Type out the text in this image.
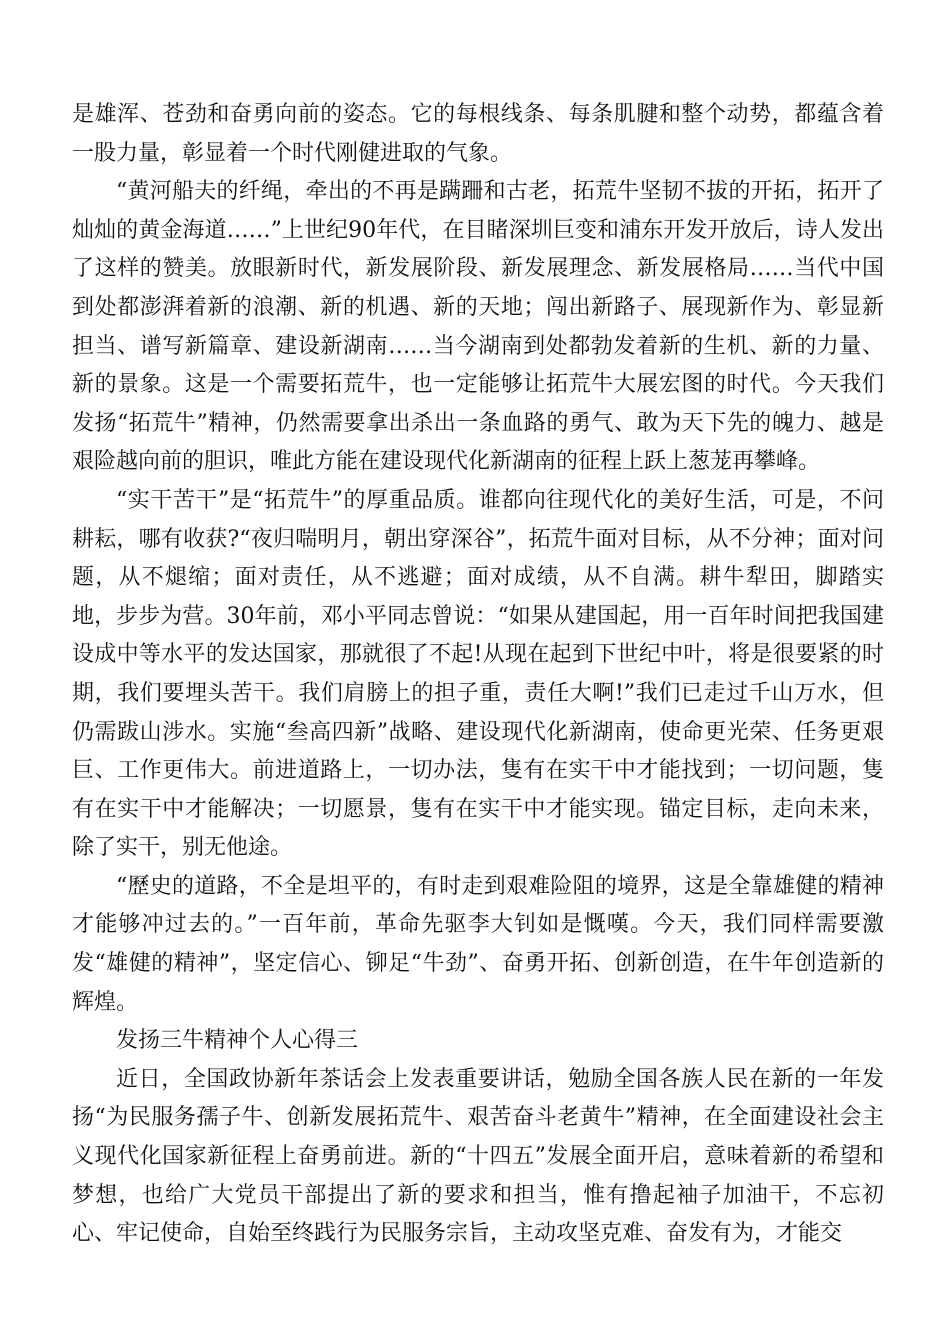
是雄浑、苍劲和奋勇向前的姿态。它的每根线条、每条肌腱和整个动势，都蕴含着一股力量，彰显着一个时代刚健进取的气象。

“黄河船夫的纤绳，牵出的不再是蹒跚和古老，拓荒牛坚韧不拔的开拓，拓开了灿灿的黄金海道……”上世纪90年代，在目睹深圳巨变和浦东开发开放后，诗人发出了这样的赞美。放眼新时代，新发展阶段、新发展理念、新发展格局……当代中国到处都澎湃着新的浪潮、新的机遇、新的天地；闯出新路子、展现新作为、彰显新担当、谱写新篇章、建设新湖南……当今湖南到处都勃发着新的生机、新的力量、新的景象。这是一个需要拓荒牛，也一定能够让拓荒牛大展宏图的时代。今天我们发扬“拓荒牛”精神，仍然需要拿出杀出一条血路的勇气、敢为天下先的魄力、越是艰险越向前的胆识，唯此方能在建设现代化新湖南的征程上跃上葱茏再攀峰。

“实干苦干”是“拓荒牛”的厚重品质。谁都向往现代化的美好生活，可是，不问耕耘，哪有收获?“夜归喘明月，朝出穿深谷”，拓荒牛面对目标，从不分神；面对问题，从不煺缩；面对责任，从不逃避；面对成绩，从不自满。耕牛犁田，脚踏实地，步步为营。30年前，邓小平同志曾说：“如果从建国起，用一百年时间把我国建设成中等水平的发达国家，那就很了不起!从现在起到下世纪中叶，将是很要紧的时期，我们要埋头苦干。我们肩膀上的担子重，责任大啊!”我们已走过千山万水，但仍需跋山涉水。实施“叁高四新”战略、建设现代化新湖南，使命更光荣、任务更艰巨、工作更伟大。前进道路上，一切办法，隻有在实干中才能找到；一切问题，隻有在实干中才能解决；一切愿景，隻有在实干中才能实现。锚定目标，走向未来，除了实干，别无他途。

“歷史的道路，不全是坦平的，有时走到艰难险阻的境界，这是全靠雄健的精神才能够冲过去的。”一百年前，革命先驱李大钊如是慨嘆。今天，我们同样需要激发“雄健的精神”，坚定信心、铆足“牛劲”、奋勇开拓、创新创造，在牛年创造新的辉煌。

发扬三牛精神个人心得三

近日，全国政协新年茶话会上发表重要讲话，勉励全国各族人民在新的一年发扬“为民服务孺子牛、创新发展拓荒牛、艰苦奋斗老黄牛”精神，在全面建设社会主义现代化国家新征程上奋勇前进。新的“十四五”发展全面开启，意味着新的希望和梦想，也给广大党员干部提出了新的要求和担当，惟有撸起袖子加油干，不忘初心、牢记使命，自始至终践行为民服务宗旨，主动攻坚克难、奋发有为，才能交
